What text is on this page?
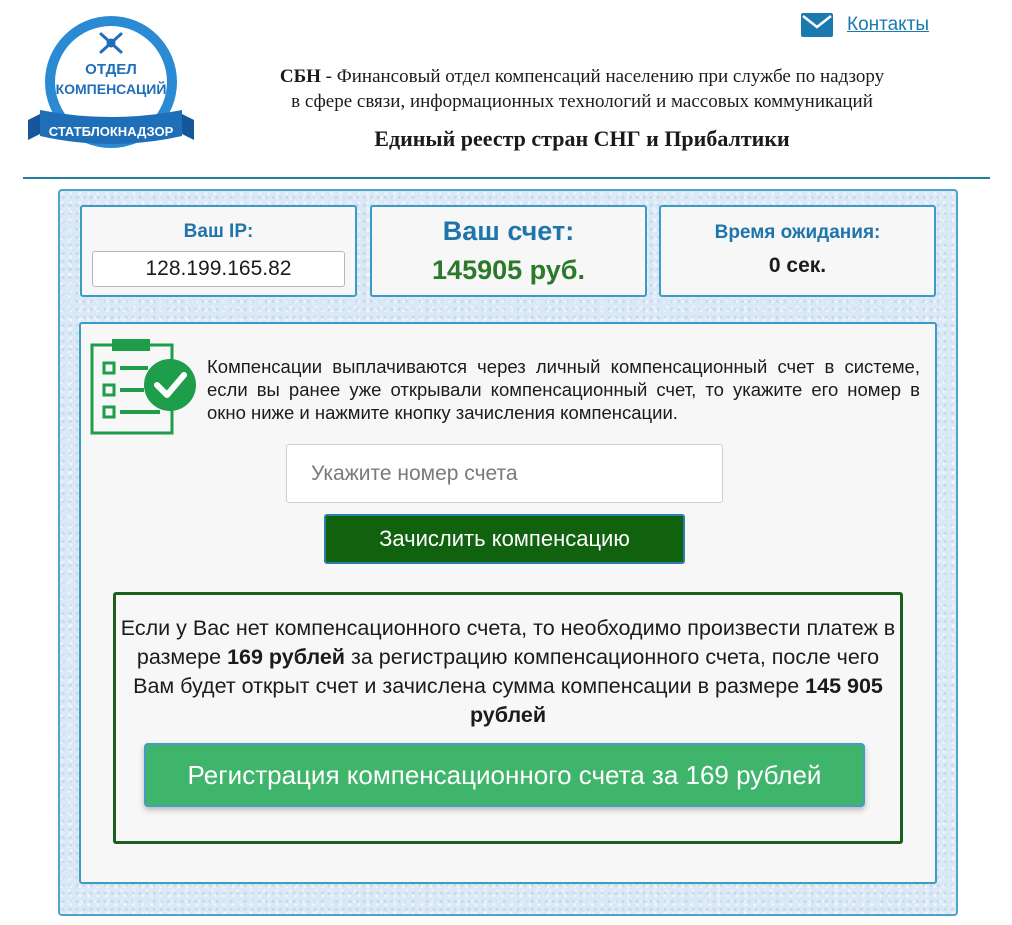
ОТДЕЛ
КОМПЕНСАЦИЙ
СТАТБЛОКНАДЗОР
Контакты
СБН - Финансовый отдел компенсаций населению при службе по надзору
в сфере связи, информационных технологий и массовых коммуникаций
Единый реестр стран СНГ и Прибалтики
Ваш IP:
128.199.165.82
Ваш счет:
145905 руб.
Время ожидания:
0 сек.
Компенсации выплачиваются через личный компенсационный счет в системе, если вы ранее уже открывали компенсационный счет, то укажите его номер в окно ниже и нажмите кнопку зачисления компенсации.
Укажите номер счета
Зачислить компенсацию
Если у Вас нет компенсационного счета, то необходимо произвести платеж в размере 169 рублей за регистрацию компенсационного счета, после чего Вам будет открыт счет и зачислена сумма компенсации в размере 145 905 рублей
Регистрация компенсационного счета за 169 рублей
